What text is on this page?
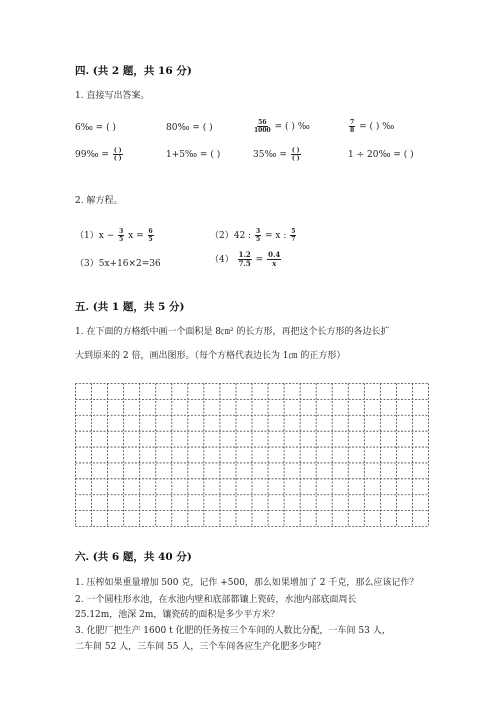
四. (共 2 题，共 16 分)
1. 直接写出答案。
6‰ = ( )	80‰ = ( )	$\frac{56}{1000}$ = ( ) ‰	$\frac{7}{8}$ = ( ) ‰
99‰ = $\frac{( )}{( )}$	1+5‰ = ( )	35‰ = $\frac{( )}{( )}$	1 ÷ 20‰ = ( )
2. 解方程。
$(1)x - \frac{3}{5}$ $x = \frac{6}{5}$	（2）42 : $\frac{3}{5} = x$ : $\frac{5}{7}$
（3）5x+16×2=36	$(4) \frac{1.2}{7.5} = \frac{0.4}{x}$
五. (共 1 题，共 5 分)
1. 在下面的方格纸中画一个面积是 8㎝² 的长方形，再把这个长方形的各边长扩
大到原来的 2 倍，画出图形。（每个方格代表边长为 1㎝ 的正方形）
六. (共 6 题，共 40 分)
1. 压榨如果重量增加 500 克，记作 +500，那么如果增加了 2 千克，那么应该记作？
2. 一个圆柱形水池，在水池内壁和底部都镶上瓷砖，水池内部底面周长
25.12m，池深 2m，镶瓷砖的面积是多少平方米？
3. 化肥厂把生产 1600 t 化肥的任务按三个车间的人数比分配，一车间 53 人，
二车间 52 人，三车间 55 人，三个车间各应生产化肥多少吨？
